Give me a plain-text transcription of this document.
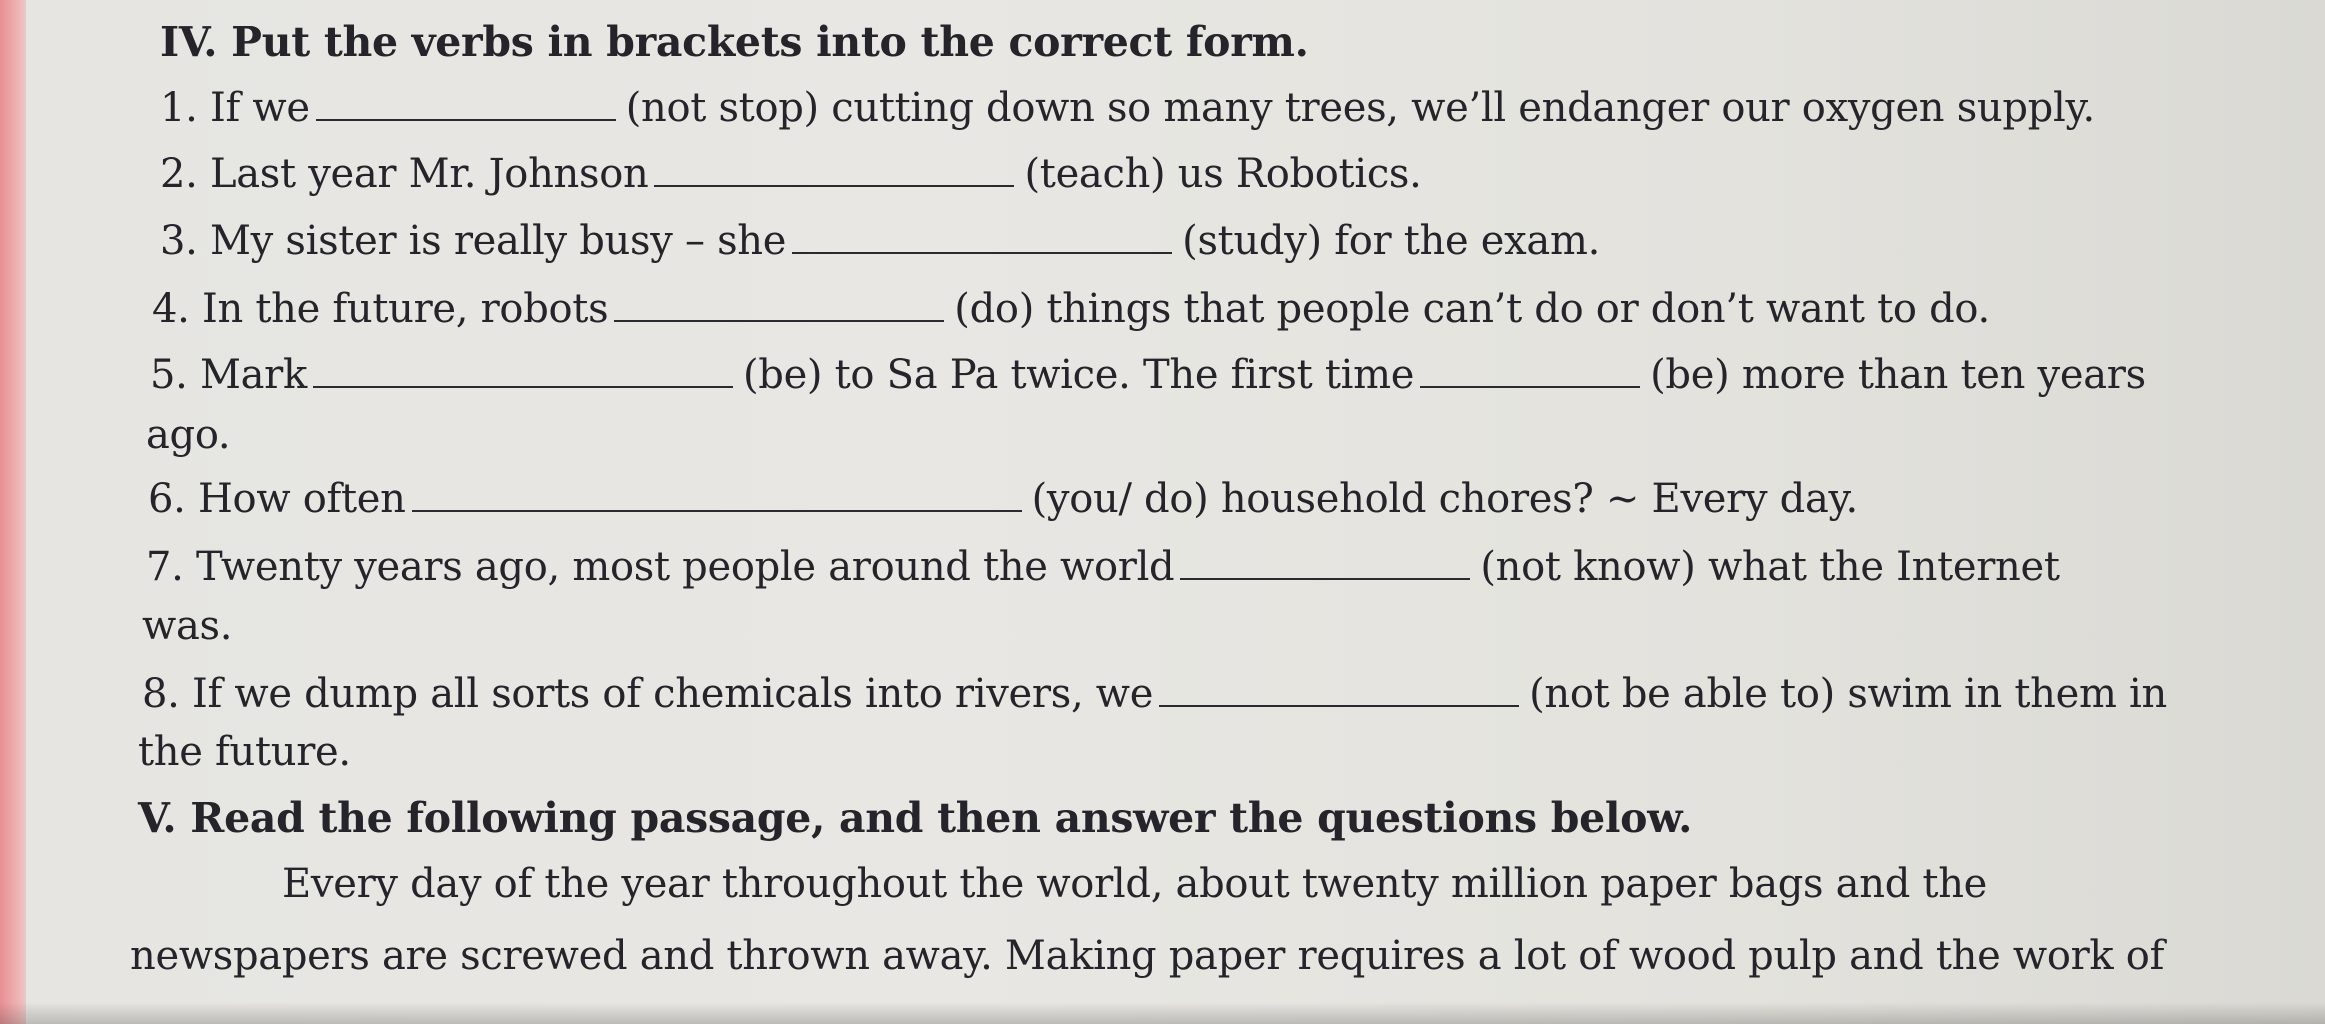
IV. Put the verbs in brackets into the correct form.
1. If we	(not stop) cutting down so many trees, we’ll endanger our oxygen supply.
2. Last year Mr. Johnson	(teach) us Robotics.
3. My sister is really busy – she	(study) for the exam.
4. In the future, robots	(do) things that people can’t do or don’t want to do.
5. Mark	(be) to Sa Pa twice. The first time	(be) more than ten years
ago.
6. How often	(you/ do) household chores? ~ Every day.
7. Twenty years ago, most people around the world	(not know) what the Internet
was.
8. If we dump all sorts of chemicals into rivers, we	(not be able to) swim in them in
the future.
V. Read the following passage, and then answer the questions below.
Every day of the year throughout the world, about twenty million paper bags and the
newspapers are screwed and thrown away. Making paper requires a lot of wood pulp and the work of
